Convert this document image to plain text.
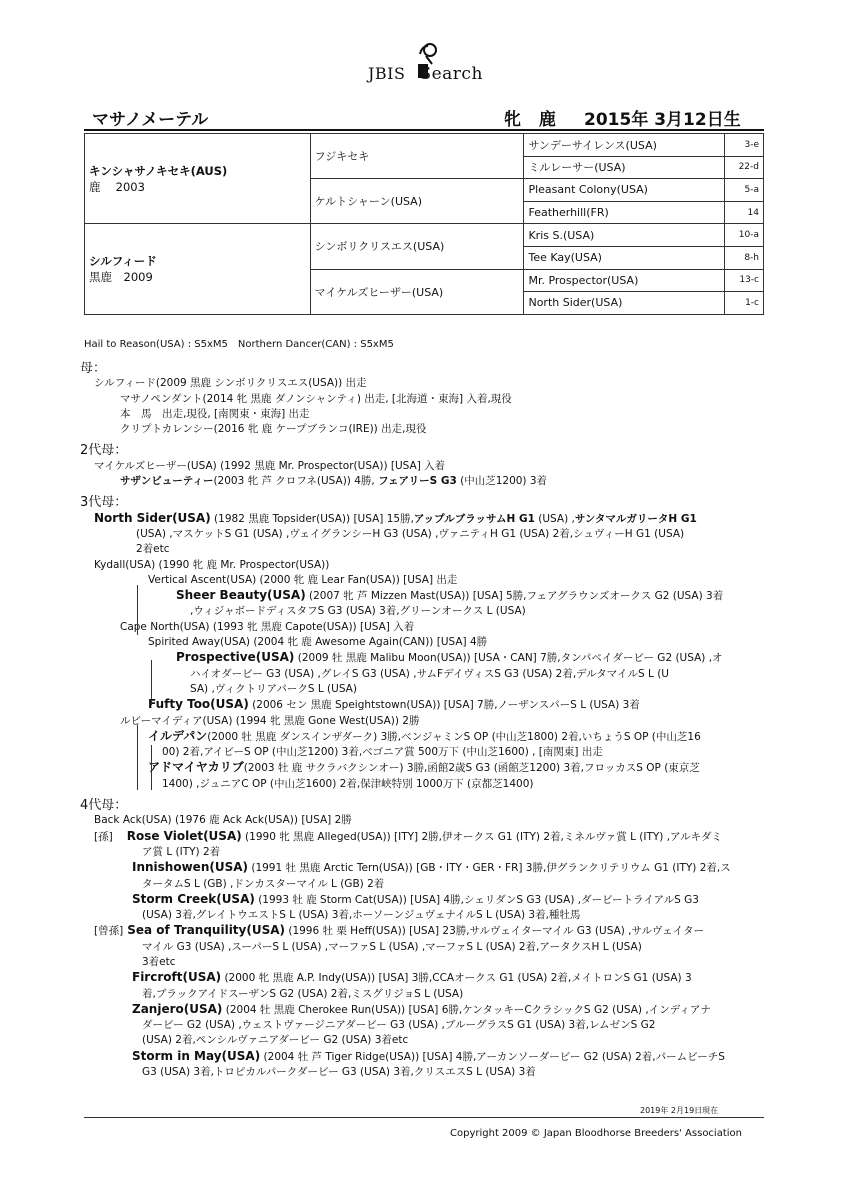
JBIS Search
マサノメーテル	牝 鹿 2015年 3月12日生
キンシャサノキセキ(AUS)
鹿　 2003	フジキセキ	サンデーサイレンス(USA)	3-e
		ミルレーサー(USA)	22-d
	ケルトシャーン(USA)	Pleasant Colony(USA)	5-a
		Featherhill(FR)	14
シルフィード
黒鹿　2009	シンボリクリスエス(USA)	Kris S.(USA)	10-a
		Tee Kay(USA)	8-h
	マイケルズヒーザー(USA)	Mr. Prospector(USA)	13-c
		North Sider(USA)	1-c
Hail to Reason(USA) : S5xM5　Northern Dancer(CAN) : S5xM5
母：
シルフィード(2009 黒鹿 シンボリクリスエス(USA)) 出走
マサノペンダント(2014 牝 黒鹿 ダノンシャンティ) 出走, [北海道・東海] 入着,現役
本　馬　出走,現役, [南関東・東海] 出走
クリプトカレンシー(2016 牝 鹿 ケープブランコ(IRE)) 出走,現役
2代母：
マイケルズヒーザー(USA) (1992 黒鹿 Mr. Prospector(USA)) [USA] 入着
サザンビューティー(2003 牝 芦 クロフネ(USA)) 4勝, フェアリーS G3 (中山芝1200) 3着
3代母：
North Sider(USA) (1982 黒鹿 Topsider(USA)) [USA] 15勝,アップルブラッサムH G1 (USA) ,サンタマルガリータH G1
(USA) ,マスケットS G1 (USA) ,ヴェイグランシーH G3 (USA) ,ヴァニティH G1 (USA) 2着,シュヴィーH G1 (USA)
2着etc
Kydall(USA) (1990 牝 鹿 Mr. Prospector(USA))
Vertical Ascent(USA) (2000 牝 鹿 Lear Fan(USA)) [USA] 出走
Sheer Beauty(USA) (2007 牝 芦 Mizzen Mast(USA)) [USA] 5勝,フェアグラウンズオークス G2 (USA) 3着
,ウィジャボードディスタフS G3 (USA) 3着,グリーンオークス L (USA)
Cape North(USA) (1993 牝 黒鹿 Capote(USA)) [USA] 入着
Spirited Away(USA) (2004 牝 鹿 Awesome Again(CAN)) [USA] 4勝
Prospective(USA) (2009 牡 黒鹿 Malibu Moon(USA)) [USA・CAN] 7勝,タンパベイダービー G2 (USA) ,オ
ハイオダービー G3 (USA) ,グレイS G3 (USA) ,サムFデイヴィスS G3 (USA) 2着,デルタマイルS L (U
SA) ,ヴィクトリアパークS L (USA)
Fufty Too(USA) (2006 セン 黒鹿 Speightstown(USA)) [USA] 7勝,ノーザンスパーS L (USA) 3着
ルビーマイディア(USA) (1994 牝 黒鹿 Gone West(USA)) 2勝
イルデパン(2000 牡 黒鹿 ダンスインザダーク) 3勝,ベンジャミンS OP (中山芝1800) 2着,いちょうS OP (中山芝16
00) 2着,アイビーS OP (中山芝1200) 3着,ベゴニア賞 500万下 (中山芝1600) , [南関東] 出走
アドマイヤカリブ(2003 牡 鹿 サクラバクシンオー) 3勝,函館2歳S G3 (函館芝1200) 3着,フロッカスS OP (東京芝
1400) ,ジュニアC OP (中山芝1600) 2着,保津峡特別 1000万下 (京都芝1400)
4代母：
Back Ack(USA) (1976 鹿 Ack Ack(USA)) [USA] 2勝
[孫] Rose Violet(USA) (1990 牝 黒鹿 Alleged(USA)) [ITY] 2勝,伊オークス G1 (ITY) 2着,ミネルヴァ賞 L (ITY) ,アルキダミ
ア賞 L (ITY) 2着
Innishowen(USA) (1991 牡 黒鹿 Arctic Tern(USA)) [GB・ITY・GER・FR] 3勝,伊グランクリテリウム G1 (ITY) 2着,ス
タータムS L (GB) ,ドンカスターマイル L (GB) 2着
Storm Creek(USA) (1993 牡 鹿 Storm Cat(USA)) [USA] 4勝,シェリダンS G3 (USA) ,ダービートライアルS G3
(USA) 3着,グレイトウエストS L (USA) 3着,ホーソーンジュヴェナイルS L (USA) 3着,種牡馬
[曾孫] Sea of Tranquility(USA) (1996 牡 栗 Heff(USA)) [USA] 23勝,サルヴェイターマイル G3 (USA) ,サルヴェイター
マイル G3 (USA) ,スーパーS L (USA) ,マーファS L (USA) ,マーファS L (USA) 2着,アータクスH L (USA)
3着etc
Fircroft(USA) (2000 牝 黒鹿 A.P. Indy(USA)) [USA] 3勝,CCAオークス G1 (USA) 2着,メイトロンS G1 (USA) 3
着,ブラックアイドスーザンS G2 (USA) 2着,ミスグリジョS L (USA)
Zanjero(USA) (2004 牡 黒鹿 Cherokee Run(USA)) [USA] 6勝,ケンタッキーCクラシックS G2 (USA) ,インディアナ
ダービー G2 (USA) ,ウェストヴァージニアダービー G3 (USA) ,ブルーグラスS G1 (USA) 3着,レムゼンS G2
(USA) 2着,ペンシルヴァニアダービー G2 (USA) 3着etc
Storm in May(USA) (2004 牡 芦 Tiger Ridge(USA)) [USA] 4勝,アーカンソーダービー G2 (USA) 2着,パームビーチS
G3 (USA) 3着,トロピカルパークダービー G3 (USA) 3着,クリスエスS L (USA) 3着
2019年 2月19日現在
Copyright 2009 © Japan Bloodhorse Breeders' Association
